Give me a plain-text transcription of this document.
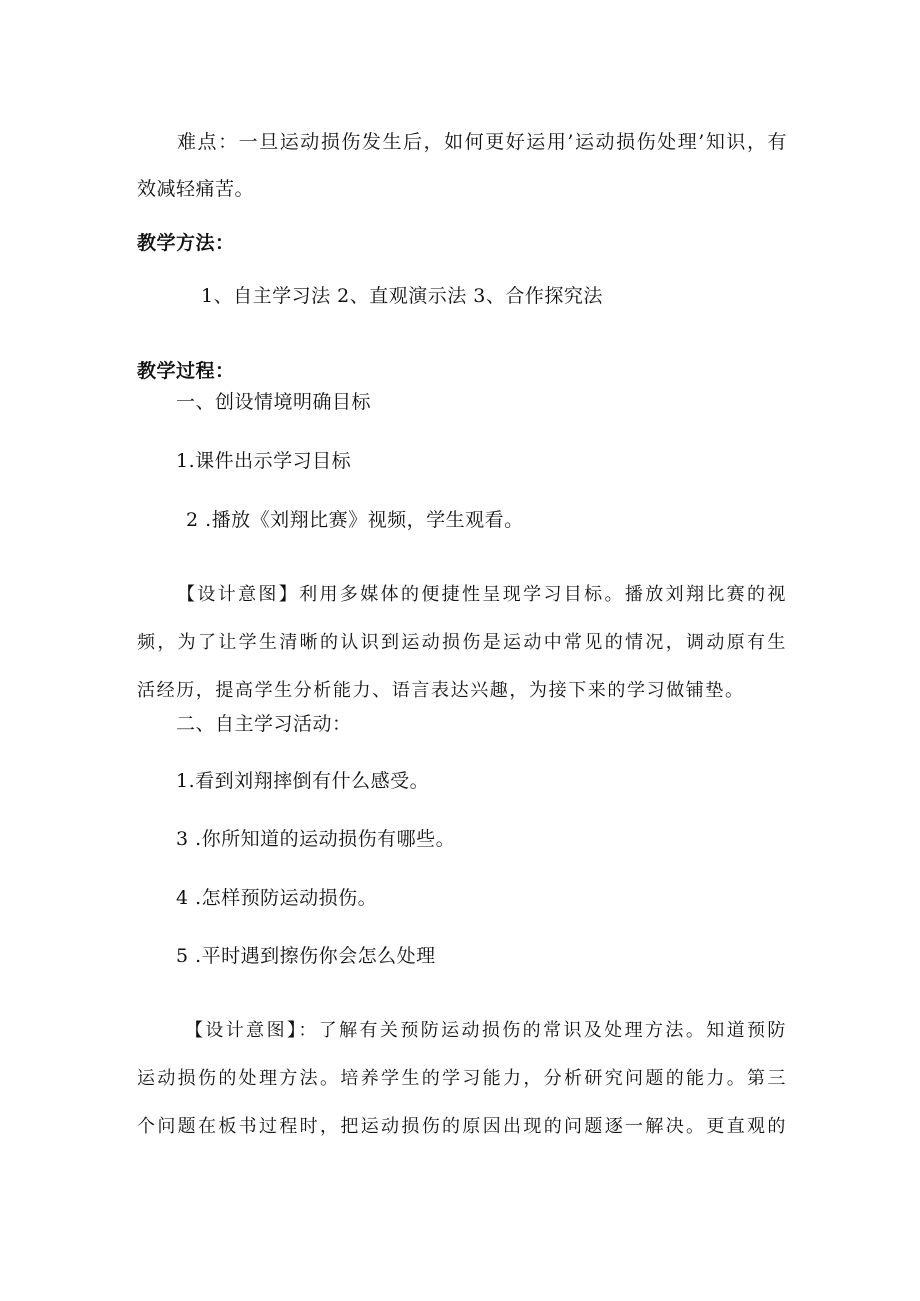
难点：一旦运动损伤发生后，如何更好运用’运动损伤处理’知识，有
效减轻痛苦。
教学方法：
1、自主学习法 2、直观演示法 3、合作探究法
教学过程：
一、创设情境明确目标
1.课件出示学习目标
2 .播放《刘翔比赛》视频，学生观看。
【设计意图】利用多媒体的便捷性呈现学习目标。播放刘翔比赛的视
频，为了让学生清晰的认识到运动损伤是运动中常见的情况，调动原有生
活经历，提高学生分析能力、语言表达兴趣，为接下来的学习做铺垫。
二、自主学习活动：
1.看到刘翔摔倒有什么感受。
3 .你所知道的运动损伤有哪些。
4 .怎样预防运动损伤。
5 .平时遇到擦伤你会怎么处理
【设计意图】：了解有关预防运动损伤的常识及处理方法。知道预防
运动损伤的处理方法。培养学生的学习能力，分析研究问题的能力。第三
个问题在板书过程时，把运动损伤的原因出现的问题逐一解决。更直观的
